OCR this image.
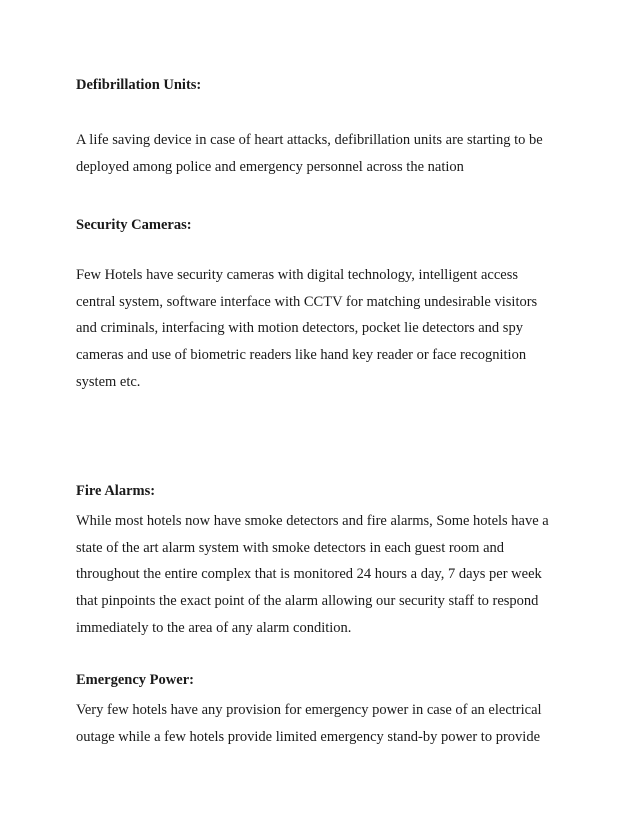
Defibrillation Units:
A life saving device in case of heart attacks, defibrillation units are starting to be
deployed among police and emergency personnel across the nation
Security Cameras:
Few Hotels have security cameras with digital technology, intelligent access
central system, software interface with CCTV for matching undesirable visitors
and criminals, interfacing with motion detectors, pocket lie detectors and spy
cameras and use of biometric readers like hand key reader or face recognition
system etc.
Fire Alarms:
While most hotels now have smoke detectors and fire alarms, Some hotels have a
state of the art alarm system with smoke detectors in each guest room and
throughout the entire complex that is monitored 24 hours a day, 7 days per week
that pinpoints the exact point of the alarm allowing our security staff to respond
immediately to the area of any alarm condition.
Emergency Power:
Very few hotels have any provision for emergency power in case of an electrical
outage while a few hotels provide limited emergency stand-by power to provide
